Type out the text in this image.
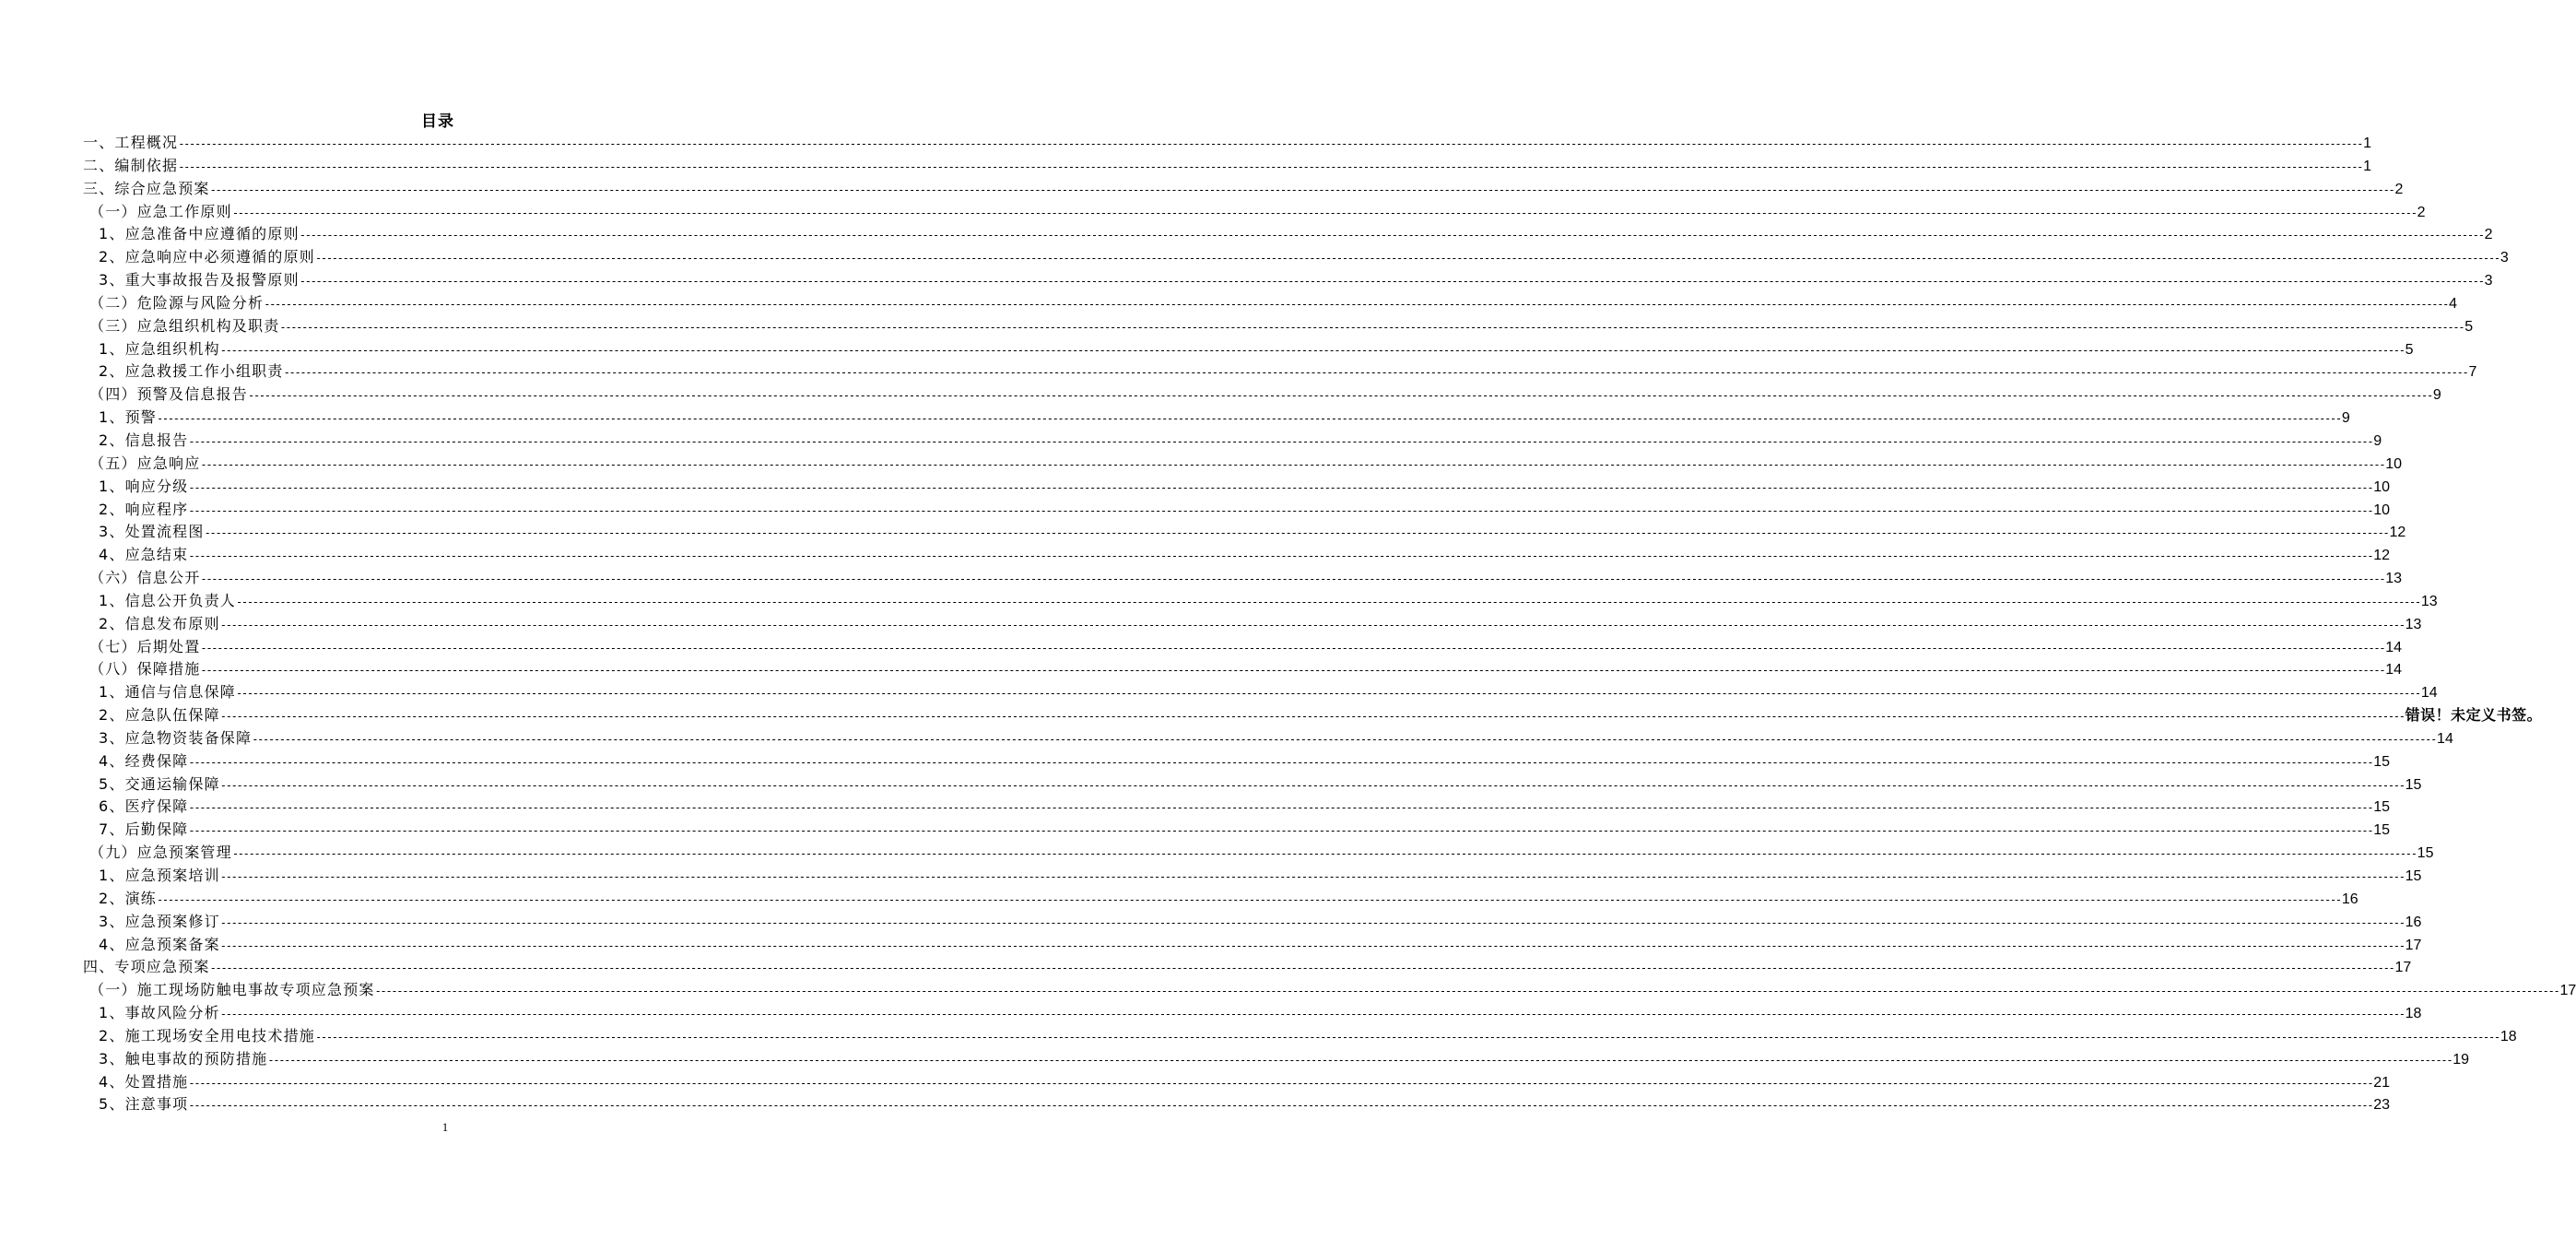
目录
一、工程概况 ---------------------------------------------------------------------------------------------------------------------------------------------------------------------------------------------------------------------------------------------------------------------------------------------------------------------------------------------------------------------------------------------------------------- 1
二、编制依据 ---------------------------------------------------------------------------------------------------------------------------------------------------------------------------------------------------------------------------------------------------------------------------------------------------------------------------------------------------------------------------------------------------------------- 1
三、综合应急预案 ---------------------------------------------------------------------------------------------------------------------------------------------------------------------------------------------------------------------------------------------------------------------------------------------------------------------------------------------------------------------------------------------------------------- 2
（一）应急工作原则 ---------------------------------------------------------------------------------------------------------------------------------------------------------------------------------------------------------------------------------------------------------------------------------------------------------------------------------------------------------------------------------------------------------------- 2
1、应急准备中应遵循的原则 ---------------------------------------------------------------------------------------------------------------------------------------------------------------------------------------------------------------------------------------------------------------------------------------------------------------------------------------------------------------------------------------------------------------- 2
2、应急响应中必须遵循的原则 ---------------------------------------------------------------------------------------------------------------------------------------------------------------------------------------------------------------------------------------------------------------------------------------------------------------------------------------------------------------------------------------------------------------- 3
3、重大事故报告及报警原则 ---------------------------------------------------------------------------------------------------------------------------------------------------------------------------------------------------------------------------------------------------------------------------------------------------------------------------------------------------------------------------------------------------------------- 3
（二）危险源与风险分析 ---------------------------------------------------------------------------------------------------------------------------------------------------------------------------------------------------------------------------------------------------------------------------------------------------------------------------------------------------------------------------------------------------------------- 4
（三）应急组织机构及职责 ---------------------------------------------------------------------------------------------------------------------------------------------------------------------------------------------------------------------------------------------------------------------------------------------------------------------------------------------------------------------------------------------------------------- 5
1、应急组织机构 ---------------------------------------------------------------------------------------------------------------------------------------------------------------------------------------------------------------------------------------------------------------------------------------------------------------------------------------------------------------------------------------------------------------- 5
2、应急救援工作小组职责 ---------------------------------------------------------------------------------------------------------------------------------------------------------------------------------------------------------------------------------------------------------------------------------------------------------------------------------------------------------------------------------------------------------------- 7
（四）预警及信息报告 ---------------------------------------------------------------------------------------------------------------------------------------------------------------------------------------------------------------------------------------------------------------------------------------------------------------------------------------------------------------------------------------------------------------- 9
1、预警 ---------------------------------------------------------------------------------------------------------------------------------------------------------------------------------------------------------------------------------------------------------------------------------------------------------------------------------------------------------------------------------------------------------------- 9
2、信息报告 ---------------------------------------------------------------------------------------------------------------------------------------------------------------------------------------------------------------------------------------------------------------------------------------------------------------------------------------------------------------------------------------------------------------- 9
（五）应急响应 ---------------------------------------------------------------------------------------------------------------------------------------------------------------------------------------------------------------------------------------------------------------------------------------------------------------------------------------------------------------------------------------------------------------- 10
1、响应分级 ---------------------------------------------------------------------------------------------------------------------------------------------------------------------------------------------------------------------------------------------------------------------------------------------------------------------------------------------------------------------------------------------------------------- 10
2、响应程序 ---------------------------------------------------------------------------------------------------------------------------------------------------------------------------------------------------------------------------------------------------------------------------------------------------------------------------------------------------------------------------------------------------------------- 10
3、处置流程图 ---------------------------------------------------------------------------------------------------------------------------------------------------------------------------------------------------------------------------------------------------------------------------------------------------------------------------------------------------------------------------------------------------------------- 12
4、应急结束 ---------------------------------------------------------------------------------------------------------------------------------------------------------------------------------------------------------------------------------------------------------------------------------------------------------------------------------------------------------------------------------------------------------------- 12
（六）信息公开 ---------------------------------------------------------------------------------------------------------------------------------------------------------------------------------------------------------------------------------------------------------------------------------------------------------------------------------------------------------------------------------------------------------------- 13
1、信息公开负责人 ---------------------------------------------------------------------------------------------------------------------------------------------------------------------------------------------------------------------------------------------------------------------------------------------------------------------------------------------------------------------------------------------------------------- 13
2、信息发布原则 ---------------------------------------------------------------------------------------------------------------------------------------------------------------------------------------------------------------------------------------------------------------------------------------------------------------------------------------------------------------------------------------------------------------- 13
（七）后期处置 ---------------------------------------------------------------------------------------------------------------------------------------------------------------------------------------------------------------------------------------------------------------------------------------------------------------------------------------------------------------------------------------------------------------- 14
（八）保障措施 ---------------------------------------------------------------------------------------------------------------------------------------------------------------------------------------------------------------------------------------------------------------------------------------------------------------------------------------------------------------------------------------------------------------- 14
1、通信与信息保障 ---------------------------------------------------------------------------------------------------------------------------------------------------------------------------------------------------------------------------------------------------------------------------------------------------------------------------------------------------------------------------------------------------------------- 14
2、应急队伍保障 ---------------------------------------------------------------------------------------------------------------------------------------------------------------------------------------------------------------------------------------------------------------------------------------------------------------------------------------------------------------------------------------------------------------- 错误！未定义书签。
3、应急物资装备保障 ---------------------------------------------------------------------------------------------------------------------------------------------------------------------------------------------------------------------------------------------------------------------------------------------------------------------------------------------------------------------------------------------------------------- 14
4、经费保障 ---------------------------------------------------------------------------------------------------------------------------------------------------------------------------------------------------------------------------------------------------------------------------------------------------------------------------------------------------------------------------------------------------------------- 15
5、交通运输保障 ---------------------------------------------------------------------------------------------------------------------------------------------------------------------------------------------------------------------------------------------------------------------------------------------------------------------------------------------------------------------------------------------------------------- 15
6、医疗保障 ---------------------------------------------------------------------------------------------------------------------------------------------------------------------------------------------------------------------------------------------------------------------------------------------------------------------------------------------------------------------------------------------------------------- 15
7、后勤保障 ---------------------------------------------------------------------------------------------------------------------------------------------------------------------------------------------------------------------------------------------------------------------------------------------------------------------------------------------------------------------------------------------------------------- 15
（九）应急预案管理 ---------------------------------------------------------------------------------------------------------------------------------------------------------------------------------------------------------------------------------------------------------------------------------------------------------------------------------------------------------------------------------------------------------------- 15
1、应急预案培训 ---------------------------------------------------------------------------------------------------------------------------------------------------------------------------------------------------------------------------------------------------------------------------------------------------------------------------------------------------------------------------------------------------------------- 15
2、演练 ---------------------------------------------------------------------------------------------------------------------------------------------------------------------------------------------------------------------------------------------------------------------------------------------------------------------------------------------------------------------------------------------------------------- 16
3、应急预案修订 ---------------------------------------------------------------------------------------------------------------------------------------------------------------------------------------------------------------------------------------------------------------------------------------------------------------------------------------------------------------------------------------------------------------- 16
4、应急预案备案 ---------------------------------------------------------------------------------------------------------------------------------------------------------------------------------------------------------------------------------------------------------------------------------------------------------------------------------------------------------------------------------------------------------------- 17
四、专项应急预案 ---------------------------------------------------------------------------------------------------------------------------------------------------------------------------------------------------------------------------------------------------------------------------------------------------------------------------------------------------------------------------------------------------------------- 17
（一）施工现场防触电事故专项应急预案 ---------------------------------------------------------------------------------------------------------------------------------------------------------------------------------------------------------------------------------------------------------------------------------------------------------------------------------------------------------------------------------------------------------------- 17
1、事故风险分析 ---------------------------------------------------------------------------------------------------------------------------------------------------------------------------------------------------------------------------------------------------------------------------------------------------------------------------------------------------------------------------------------------------------------- 18
2、施工现场安全用电技术措施 ---------------------------------------------------------------------------------------------------------------------------------------------------------------------------------------------------------------------------------------------------------------------------------------------------------------------------------------------------------------------------------------------------------------- 18
3、触电事故的预防措施 ---------------------------------------------------------------------------------------------------------------------------------------------------------------------------------------------------------------------------------------------------------------------------------------------------------------------------------------------------------------------------------------------------------------- 19
4、处置措施 ---------------------------------------------------------------------------------------------------------------------------------------------------------------------------------------------------------------------------------------------------------------------------------------------------------------------------------------------------------------------------------------------------------------- 21
5、注意事项 ---------------------------------------------------------------------------------------------------------------------------------------------------------------------------------------------------------------------------------------------------------------------------------------------------------------------------------------------------------------------------------------------------------------- 23
1
